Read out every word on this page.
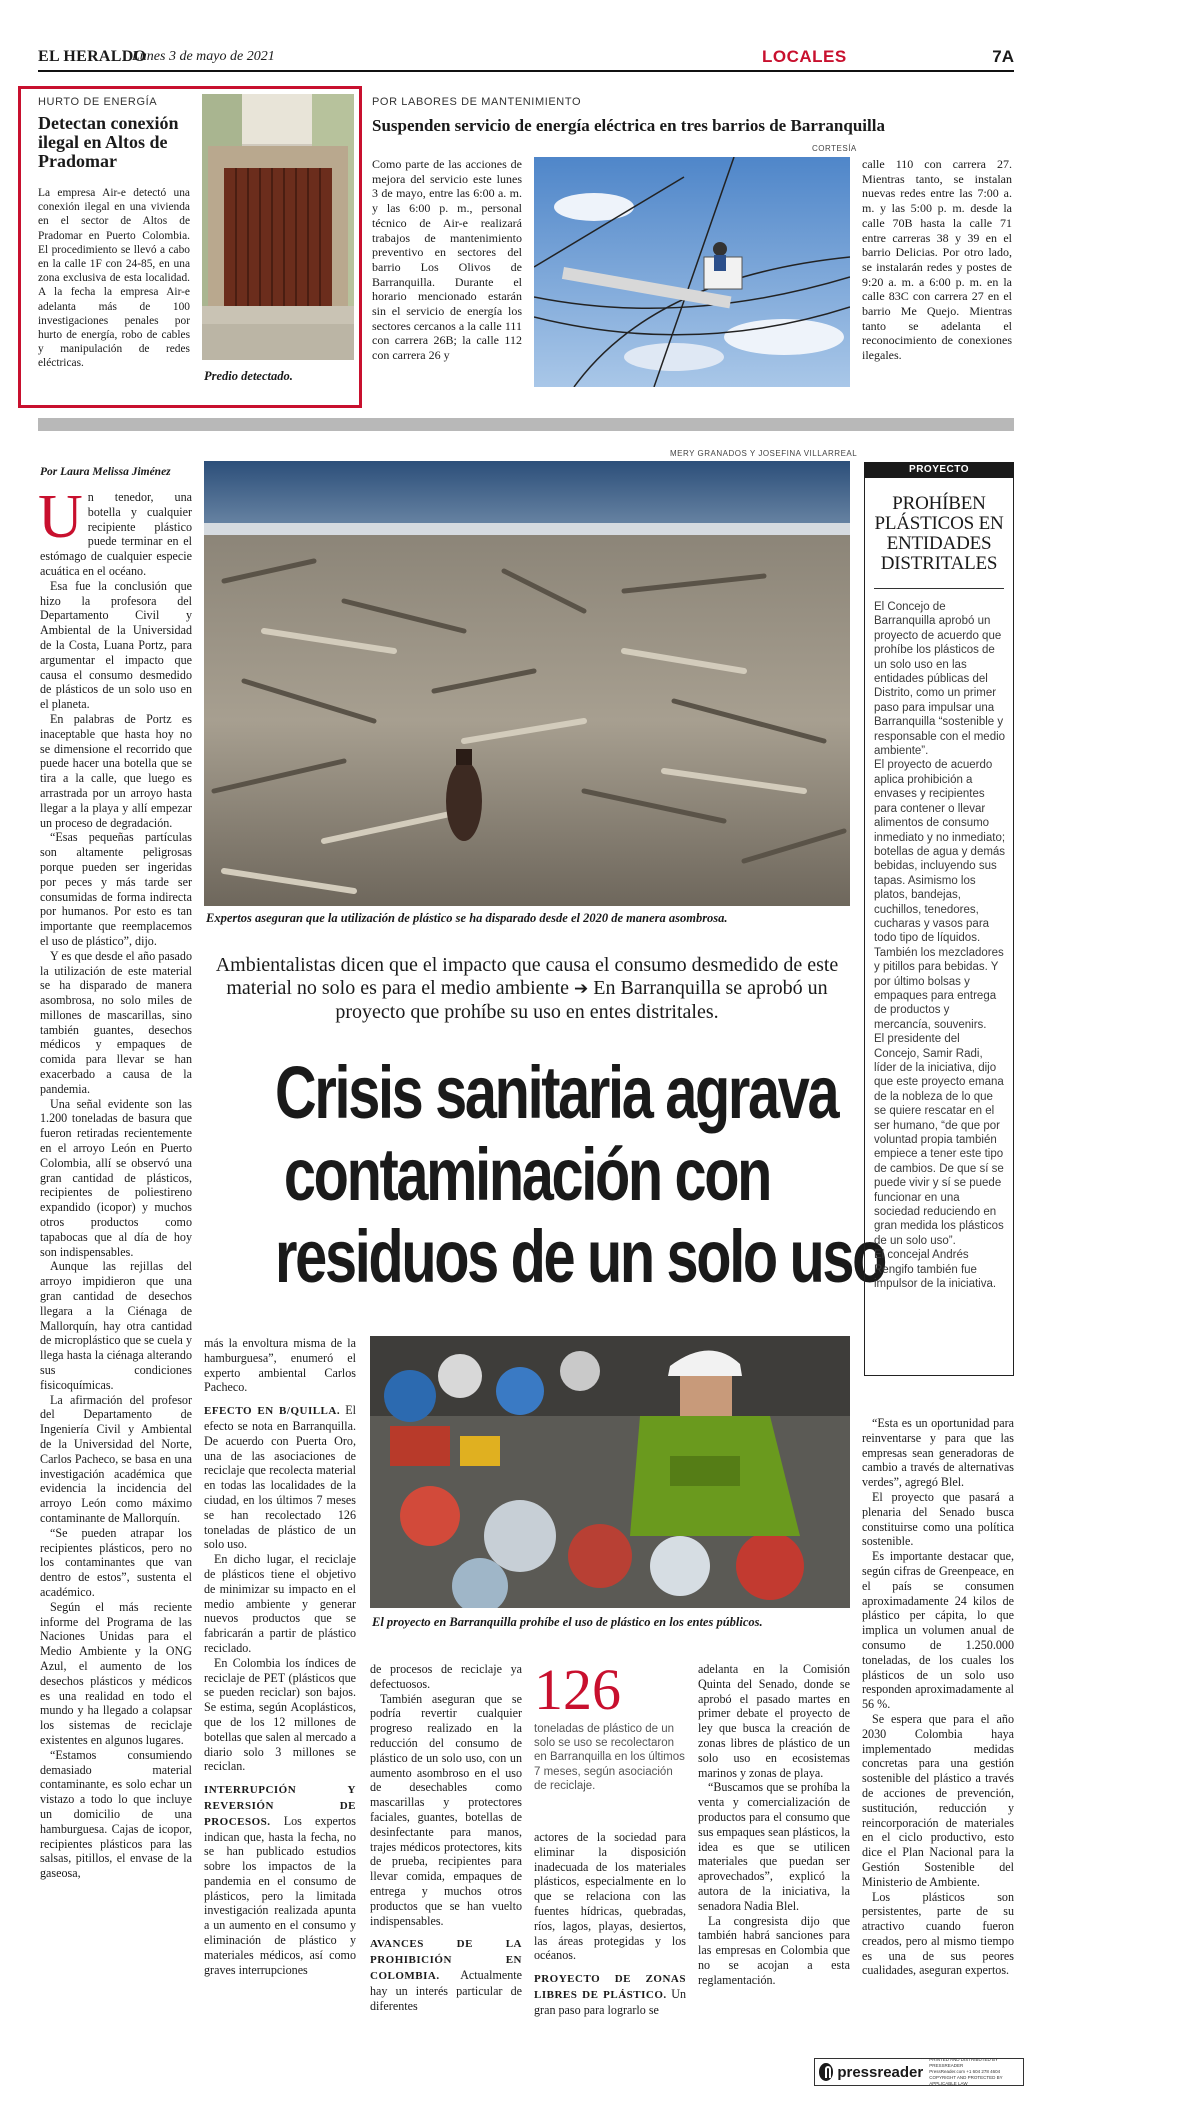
EL HERALDO
Lunes 3 de mayo de 2021	LOCALES	7A
HURTO DE ENERGÍA
Detectan conexión ilegal en Altos de Pradomar
La empresa Air-e detectó una conexión ilegal en una vivienda en el sector de Altos de Pradomar en Puerto Colombia. El procedimiento se llevó a cabo en la calle 1F con 24-85, en una zona exclusiva de esta localidad. A la fecha la empresa Air-e adelanta más de 100 investigaciones penales por hurto de energía, robo de cables y manipulación de redes eléctricas.
Predio detectado.
POR LABORES DE MANTENIMIENTO
Suspenden servicio de energía eléctrica en tres barrios de Barranquilla
Como parte de las acciones de mejora del servicio este lunes 3 de mayo, entre las 6:00 a. m. y las 6:00 p. m., personal técnico de Air-e realizará trabajos de mantenimiento preventivo en sectores del barrio Los Olivos de Barranquilla. Durante el horario mencionado estarán sin el servicio de energía los sectores cercanos a la calle 111 con carrera 26B; la calle 112 con carrera 26 y
CORTESÍA
calle 110 con carrera 27. Mientras tanto, se instalan nuevas redes entre las 7:00 a. m. y las 5:00 p. m. desde la calle 70B hasta la calle 71 entre carreras 38 y 39 en el barrio Delicias. Por otro lado, se instalarán redes y postes de 9:20 a. m. a 6:00 p. m. en la calle 83C con carrera 27 en el barrio Me Quejo. Mientras tanto se adelanta el reconocimiento de conexiones ilegales.
MERY GRANADOS Y JOSEFINA VILLARREAL
Expertos aseguran que la utilización de plástico se ha disparado desde el 2020 de manera asombrosa.
Ambientalistas dicen que el impacto que causa el consumo desmedido de este material no solo es para el medio ambiente ➔ En Barranquilla se aprobó un proyecto que prohíbe su uso en entes distritales.
Crisis sanitaria agrava
contaminación con
residuos de un solo uso
Por Laura Melissa Jiménez

Un tenedor, una botella y cualquier recipiente plástico puede terminar en el estómago de cualquier especie acuática en el océano.

Esa fue la conclusión que hizo la profesora del Departamento Civil y Ambiental de la Universidad de la Costa, Luana Portz, para argumentar el impacto que causa el consumo desmedido de plásticos de un solo uso en el planeta.

En palabras de Portz es inaceptable que hasta hoy no se dimensione el recorrido que puede hacer una botella que se tira a la calle, que luego es arrastrada por un arroyo hasta llegar a la playa y allí empezar un proceso de degradación.

“Esas pequeñas partículas son altamente peligrosas porque pueden ser ingeridas por peces y más tarde ser consumidas de forma indirecta por humanos. Por esto es tan importante que reemplacemos el uso de plástico”, dijo.

Y es que desde el año pasado la utilización de este material se ha disparado de manera asombrosa, no solo miles de millones de mascarillas, sino también guantes, desechos médicos y empaques de comida para llevar se han exacerbado a causa de la pandemia.

Una señal evidente son las 1.200 toneladas de basura que fueron retiradas recientemente en el arroyo León en Puerto Colombia, allí se observó una gran cantidad de plásticos, recipientes de poliestireno expandido (icopor) y muchos otros productos como tapabocas que al día de hoy son indispensables.

Aunque las rejillas del arroyo impidieron que una gran cantidad de desechos llegara a la Ciénaga de Mallorquín, hay otra cantidad de microplástico que se cuela y llega hasta la ciénaga alterando sus condiciones fisicoquímicas.

La afirmación del profesor del Departamento de Ingeniería Civil y Ambiental de la Universidad del Norte, Carlos Pacheco, se basa en una investigación académica que evidencia la incidencia del arroyo León como máximo contaminante de Mallorquín.

“Se pueden atrapar los recipientes plásticos, pero no los contaminantes que van dentro de estos”, sustenta el académico.

Según el más reciente informe del Programa de las Naciones Unidas para el Medio Ambiente y la ONG Azul, el aumento de los desechos plásticos y médicos es una realidad en todo el mundo y ha llegado a colapsar los sistemas de reciclaje existentes en algunos lugares.

“Estamos consumiendo demasiado material contaminante, es solo echar un vistazo a todo lo que incluye un domicilio de una hamburguesa. Cajas de icopor, recipientes plásticos para las salsas, pitillos, el envase de la gaseosa,

más la envoltura misma de la hamburguesa”, enumeró el experto ambiental Carlos Pacheco.

EFECTO EN B/QUILLA. El efecto se nota en Barranquilla. De acuerdo con Puerta Oro, una de las asociaciones de reciclaje que recolecta material en todas las localidades de la ciudad, en los últimos 7 meses se han recolectado 126 toneladas de plástico de un solo uso.

En dicho lugar, el reciclaje de plásticos tiene el objetivo de minimizar su impacto en el medio ambiente y generar nuevos productos que se fabricarán a partir de plástico reciclado.

En Colombia los índices de reciclaje de PET (plásticos que se pueden reciclar) son bajos. Se estima, según Acoplásticos, que de los 12 millones de botellas que salen al mercado a diario solo 3 millones se reciclan.

INTERRUPCIÓN Y REVERSIÓN DE PROCESOS. Los expertos indican que, hasta la fecha, no se han publicado estudios sobre los impactos de la pandemia en el consumo de plásticos, pero la limitada investigación realizada apunta a un aumento en el consumo y eliminación de plástico y materiales médicos, así como graves interrupciones

El proyecto en Barranquilla prohíbe el uso de plástico en los entes públicos.

de procesos de reciclaje ya defectuosos.

También aseguran que se podría revertir cualquier progreso realizado en la reducción del consumo de plástico de un solo uso, con un aumento asombroso en el uso de desechables como mascarillas y protectores faciales, guantes, botellas de desinfectante para manos, trajes médicos protectores, kits de prueba, recipientes para llevar comida, empaques de entrega y muchos otros productos que se han vuelto indispensables.

AVANCES DE LA PROHIBICIÓN EN COLOMBIA. Actualmente hay un interés particular de diferentes

126
toneladas de plástico de un solo se uso se recolectaron en Barranquilla en los últimos 7 meses, según asociación de reciclaje.

actores de la sociedad para eliminar la disposición inadecuada de los materiales plásticos, especialmente en lo que se relaciona con las fuentes hídricas, quebradas, ríos, lagos, playas, desiertos, las áreas protegidas y los océanos.

PROYECTO DE ZONAS LIBRES DE PLÁSTICO. Un gran paso para lograrlo se

adelanta en la Comisión Quinta del Senado, donde se aprobó el pasado martes en primer debate el proyecto de ley que busca la creación de zonas libres de plástico de un solo uso en ecosistemas marinos y zonas de playa.

“Buscamos que se prohíba la venta y comercialización de productos para el consumo que sus empaques sean plásticos, la idea es que se utilicen materiales que puedan ser aprovechados”, explicó la autora de la iniciativa, la senadora Nadia Blel.

La congresista dijo que también habrá sanciones para las empresas en Colombia que no se acojan a esta reglamentación.

“Esta es un oportunidad para reinventarse y para que las empresas sean generadoras de cambio a través de alternativas verdes”, agregó Blel.

El proyecto que pasará a plenaria del Senado busca constituirse como una política sostenible.

Es importante destacar que, según cifras de Greenpeace, en el país se consumen aproximadamente 24 kilos de plástico per cápita, lo que implica un volumen anual de consumo de 1.250.000 toneladas, de los cuales los plásticos de un solo uso responden aproximadamente al 56 %.

Se espera que para el año 2030 Colombia haya implementado medidas concretas para una gestión sostenible del plástico a través de acciones de prevención, sustitución, reducción y reincorporación de materiales en el ciclo productivo, esto dice el Plan Nacional para la Gestión Sostenible del Ministerio de Ambiente.

Los plásticos son persistentes, parte de su atractivo cuando fueron creados, pero al mismo tiempo es una de sus peores cualidades, aseguran expertos.

PROYECTO
PROHÍBEN PLÁSTICOS EN ENTIDADES DISTRITALES

El Concejo de Barranquilla aprobó un proyecto de acuerdo que prohíbe los plásticos de un solo uso en las entidades públicas del Distrito, como un primer paso para impulsar una Barranquilla “sostenible y responsable con el medio ambiente”.

El proyecto de acuerdo aplica prohibición a envases y recipientes para contener o llevar alimentos de consumo inmediato y no inmediato; botellas de agua y demás bebidas, incluyendo sus tapas. Asimismo los platos, bandejas, cuchillos, tenedores, cucharas y vasos para todo tipo de líquidos. También los mezcladores y pitillos para bebidas. Y por último bolsas y empaques para entrega de productos y mercancía, souvenirs.

El presidente del Concejo, Samir Radi, líder de la iniciativa, dijo que este proyecto emana de la nobleza de lo que se quiere rescatar en el ser humano, “de que por voluntad propia también empiece a tener este tipo de cambios. De que sí se puede vivir y sí se puede funcionar en una sociedad reduciendo en gran medida los plásticos de un solo uso”.

El concejal Andrés Rengifo también fue impulsor de la iniciativa.

pressreader
PRINTED AND DISTRIBUTED BY PRESSREADER
PressReader.com +1 604 278 4604
COPYRIGHT AND PROTECTED BY APPLICABLE LAW
